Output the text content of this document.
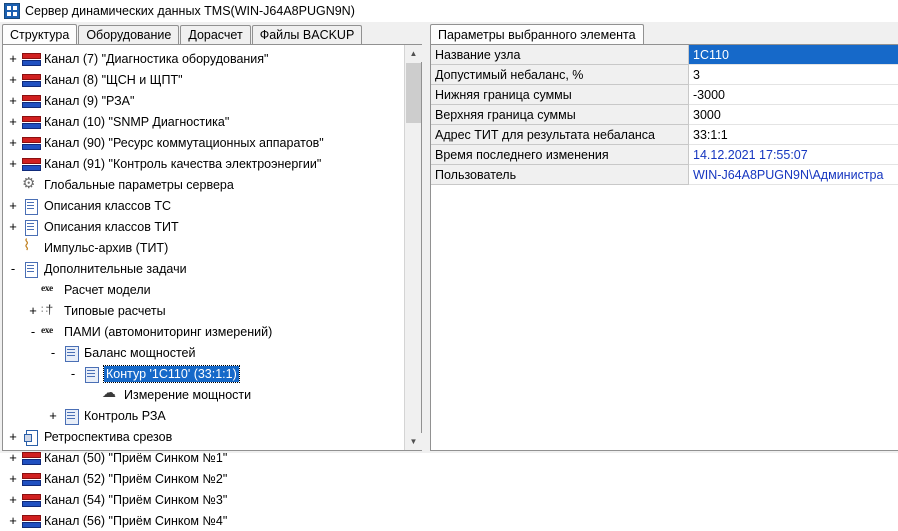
Сервер динамических данных TMS(WIN-J64A8PUGN9N)
Структура Оборудование Дорасчет Файлы BACKUP
+	Канал (7) "Диагностика оборудования"
+	Канал (8) "ЩСН и ЩПТ"
+	Канал (9) "РЗА"
+	Канал (10) "SNMP Диагностика"
+	Канал (90) "Ресурс коммутационных аппаратов"
+	Канал (91) "Контроль качества электроэнергии"
⚙
Глобальные параметры сервера
+	Описания классов ТС
+	Описания классов ТИТ
⌇
Импульс-архив (ТИТ)
-	Дополнительные задачи
exe
Расчет модели
+ † ∷	Типовые расчеты
- exe	ПАМИ (автомониторинг измерений)
-	Баланс мощностей
-	Контур '1С110' (33:1:1)
☁
Измерение мощности
+	Контроль РЗА
+	Ретроспектива срезов
+	Канал (50) "Приём Синком №1"
+	Канал (52) "Приём Синком №2"
+	Канал (54) "Приём Синком №3"
+	Канал (56) "Приём Синком №4"
▲
▼
Параметры выбранного элемента
Название узла	1С110
Допустимый небаланс, %	3
Нижняя граница суммы	-3000
Верхняя граница суммы	3000
Адрес ТИТ для результата небаланса	33:1:1
Время последнего изменения	14.12.2021 17:55:07
Пользователь	WIN-J64A8PUGN9N\Администра
